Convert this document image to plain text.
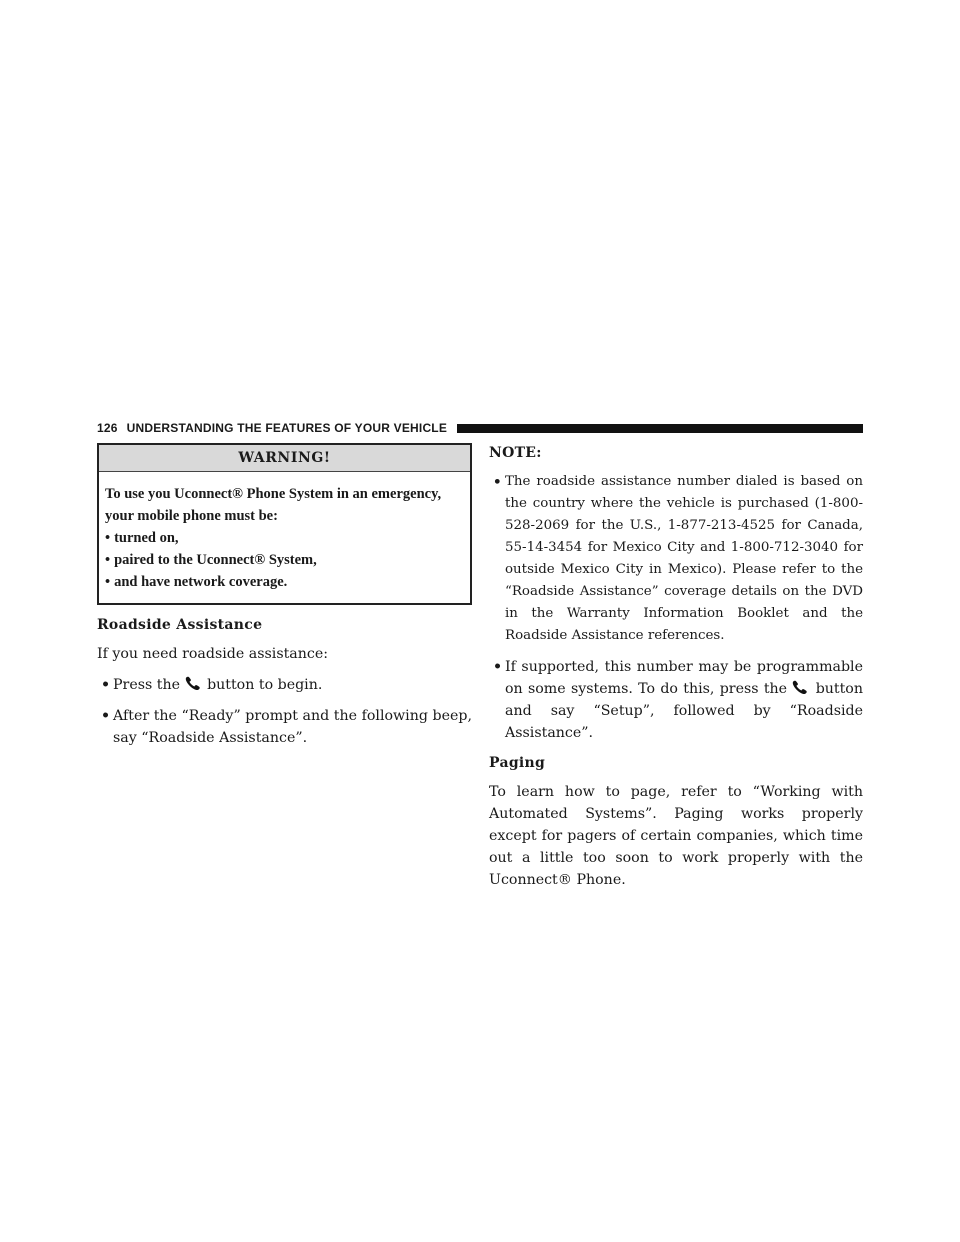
126 UNDERSTANDING THE FEATURES OF YOUR VEHICLE
WARNING!
To use you Uconnect® Phone System in an emergency,
your mobile phone must be:
• turned on,
• paired to the Uconnect® System,
• and have network coverage.
Roadside Assistance

If you need roadside assistance:

• Press the button to begin.
• After the “Ready” prompt and the following beep, say “Roadside Assistance”.
NOTE:
• The roadside assistance number dialed is based on the country where the vehicle is purchased (1-800-528-2069 for the U.S., 1-877-213-4525 for Canada, 55-14-3454 for Mexico City and 1-800-712-3040 for outside Mexico City in Mexico). Please refer to the “Roadside Assistance” coverage details on the DVD in the Warranty Information Booklet and the Roadside Assistance references.
• If supported, this number may be programmable on some systems. To do this, press the button and say “Setup”, followed by “Roadside Assistance”.
Paging

To learn how to page, refer to “Working with Automated Systems”. Paging works properly except for pagers of certain companies, which time out a little too soon to work properly with the Uconnect® Phone.
